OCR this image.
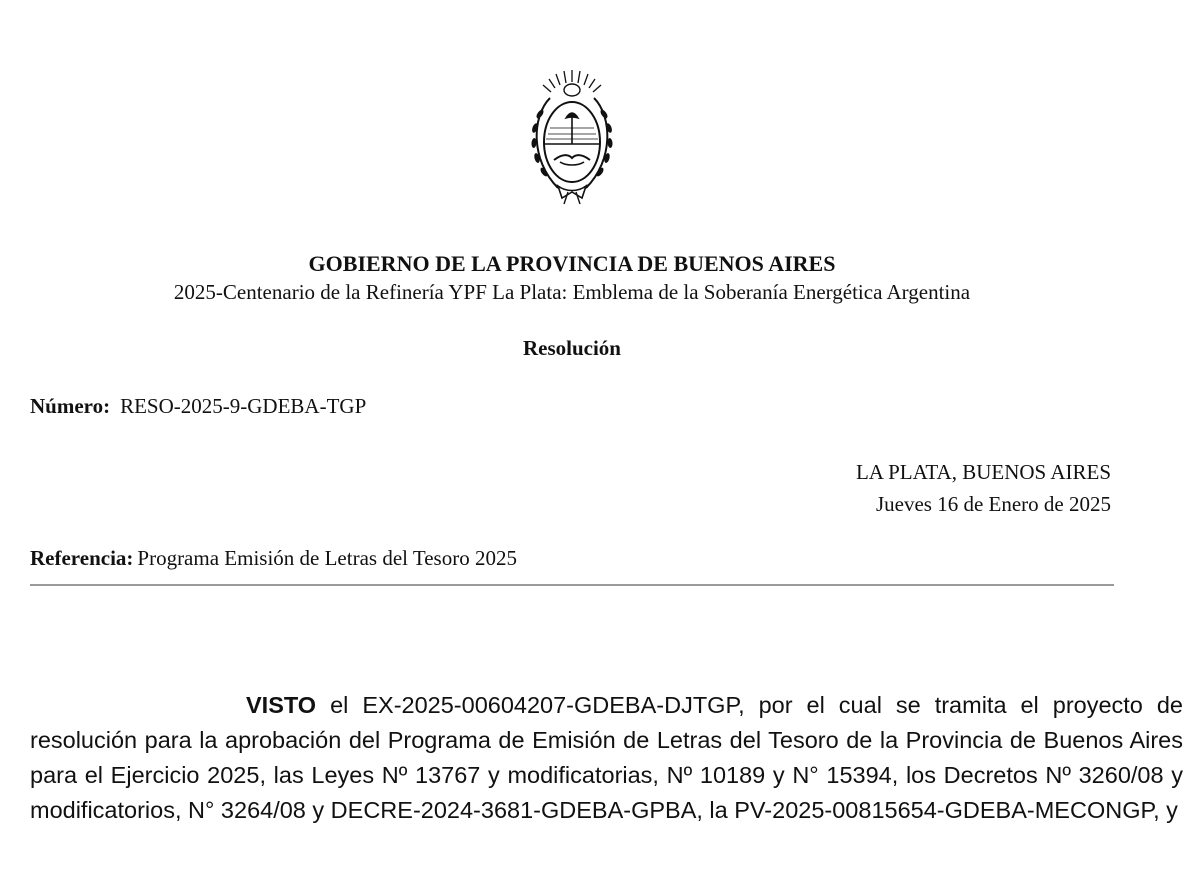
GOBIERNO DE LA PROVINCIA DE BUENOS AIRES
2025-Centenario de la Refinería YPF La Plata: Emblema de la Soberanía Energética Argentina
Resolución
Número: RESO-2025-9-GDEBA-TGP
LA PLATA, BUENOS AIRES
Jueves 16 de Enero de 2025
Referencia: Programa Emisión de Letras del Tesoro 2025
VISTO el EX-2025-00604207-GDEBA-DJTGP, por el cual se tramita el proyecto de resolución para la aprobación del Programa de Emisión de Letras del Tesoro de la Provincia de Buenos Aires para el Ejercicio 2025, las Leyes Nº 13767 y modificatorias, Nº 10189 y N° 15394, los Decretos Nº 3260/08 y modificatorios, N° 3264/08 y DECRE-2024-3681-GDEBA-GPBA, la PV-2025-00815654-GDEBA-MECONGP, y
